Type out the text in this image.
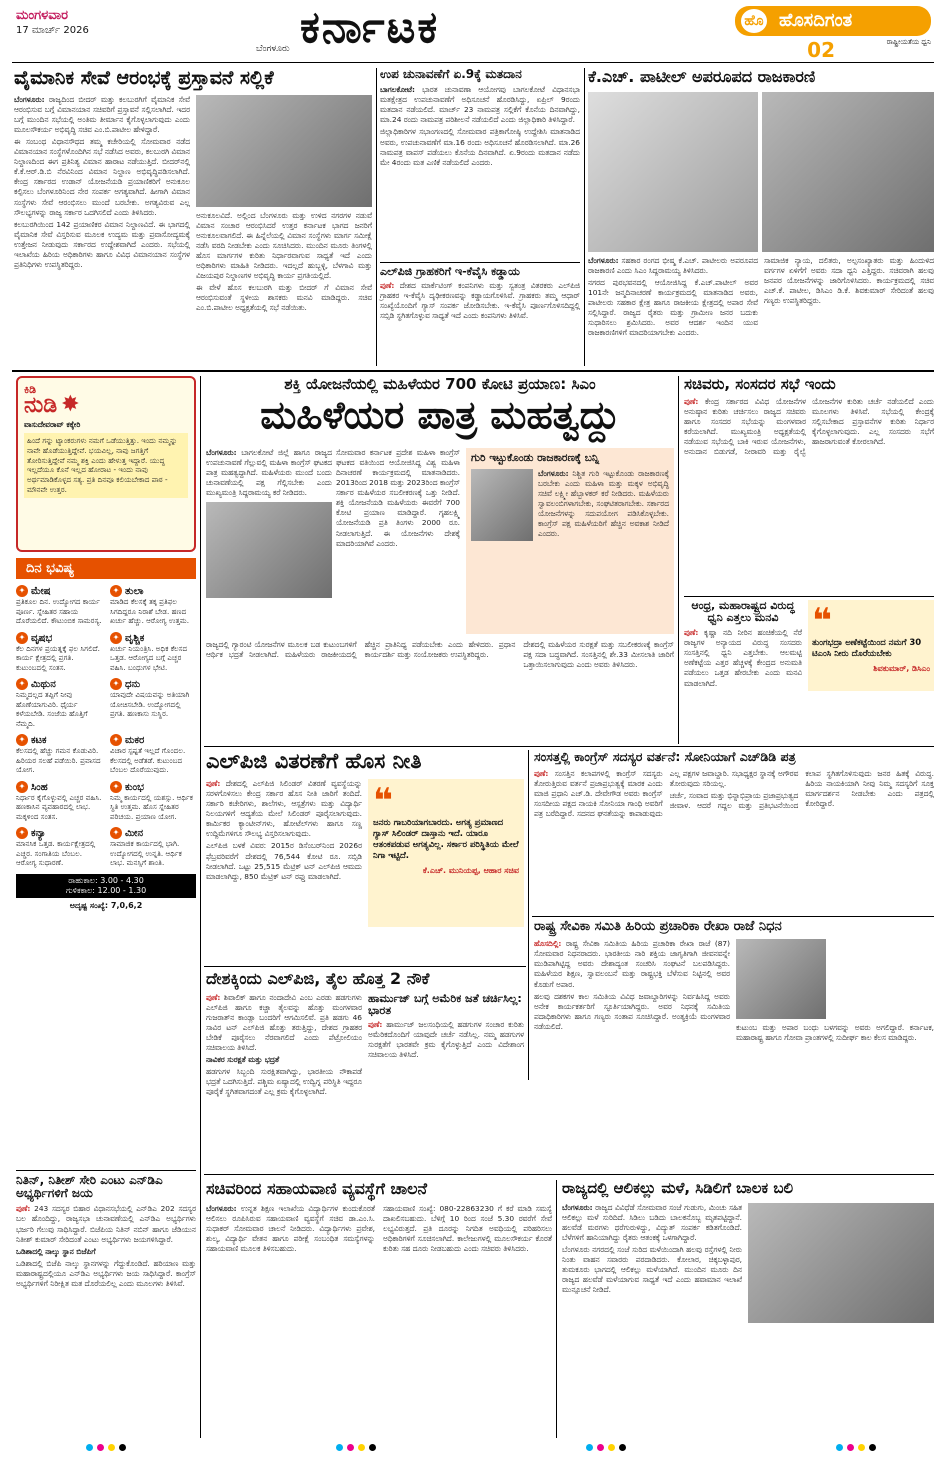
ಮಂಗಳವಾರ
17 ಮಾರ್ಚ್ 2026
ಬೆಂಗಳೂರು ಕರ್ನಾಟಕ	ಹೊ ಹೊಸದಿಗಂತ
02	ರಾಷ್ಟ್ರೀಯತೆಯ ಧ್ವನಿ
ವೈಮಾನಿಕ ಸೇವೆ ಆರಂಭಕ್ಕೆ ಪ್ರಸ್ತಾವನೆ ಸಲ್ಲಿಕೆ

ಬೆಂಗಳೂರು: ರಾಜ್ಯದಿಂದ ಬೀದರ್ ಮತ್ತು ಕಲಬುರಗಿಗೆ ವೈಮಾನಿಕ ಸೇವೆ ಆರಂಭಿಸುವ ಬಗ್ಗೆ ವಿಮಾನಯಾನ ಸಚಿವರಿಗೆ ಪ್ರಸ್ತಾವನೆ ಸಲ್ಲಿಸಲಾಗಿದೆ. ಇದರ ಬಗ್ಗೆ ಮುಂದಿನ ಸಭೆಯಲ್ಲಿ ಅಂತಿಮ ತೀರ್ಮಾನ ಕೈಗೊಳ್ಳಲಾಗುವುದು ಎಂದು ಮೂಲಸೌಕರ್ಯ ಅಭಿವೃದ್ಧಿ ಸಚಿವ ಎಂ.ಬಿ.ಪಾಟೀಲ ಹೇಳಿದ್ದಾರೆ.

ಈ ಸಂಬಂಧ ವಿಧಾನಸೌಧದ ತಮ್ಮ ಕಚೇರಿಯಲ್ಲಿ ಸೋಮವಾರ ನಡೆದ ವಿಮಾನಯಾನ ಸಂಸ್ಥೆಗಳೊಂದಿಗಿನ ಸಭೆ ನಡೆಸಿದ ಅವರು, ಕಲಬುರಗಿ ವಿಮಾನ ನಿಲ್ದಾಣದಿಂದ ಈಗ ಪ್ರತಿನಿತ್ಯ ವಿಮಾನ ಹಾರಾಟ ನಡೆಯುತ್ತಿದೆ. ಬೀದರ್‌ನಲ್ಲಿ ಕೆ.ಕೆ.ಆರ್.ಡಿ.ಬಿ ನೆರವಿನಿಂದ ವಿಮಾನ ನಿಲ್ದಾಣ ಅಭಿವೃದ್ಧಿಪಡಿಸಲಾಗಿದೆ. ಕೇಂದ್ರ ಸರ್ಕಾರದ ಉಡಾನ್ ಯೋಜನೆಯಡಿ ಪ್ರಯಾಣಿಕರಿಗೆ ಅನುಕೂಲ ಕಲ್ಪಿಸಲು ಬೆಂಗಳೂರಿನಿಂದ ನೇರ ಸಂಪರ್ಕ ಅಗತ್ಯವಾಗಿದೆ. ಹೀಗಾಗಿ ವಿಮಾನ ಸಂಸ್ಥೆಗಳು ಸೇವೆ ಆರಂಭಿಸಲು ಮುಂದೆ ಬರಬೇಕು. ಅಗತ್ಯವಿರುವ ಎಲ್ಲ ಸೌಲಭ್ಯಗಳನ್ನು ರಾಜ್ಯ ಸರ್ಕಾರ ಒದಗಿಸಲಿದೆ ಎಂದು ತಿಳಿಸಿದರು.

ಕಲಬುರಗಿಯಿಂದ 142 ಪ್ರಯಾಣಿಕರ ವಿಮಾನ ನಿಲ್ದಾಣವಿದೆ. ಈ ಭಾಗದಲ್ಲಿ ವೈಮಾನಿಕ ಸೇವೆ ವಿಸ್ತರಿಸುವ ಮೂಲಕ ಉದ್ಯಮ ಮತ್ತು ಪ್ರವಾಸೋದ್ಯಮಕ್ಕೆ ಉತ್ತೇಜನ ನೀಡುವುದು ಸರ್ಕಾರದ ಉದ್ದೇಶವಾಗಿದೆ ಎಂದರು. ಸಭೆಯಲ್ಲಿ ಇಲಾಖೆಯ ಹಿರಿಯ ಅಧಿಕಾರಿಗಳು ಹಾಗೂ ವಿವಿಧ ವಿಮಾನಯಾನ ಸಂಸ್ಥೆಗಳ ಪ್ರತಿನಿಧಿಗಳು ಉಪಸ್ಥಿತರಿದ್ದರು.

ಅನುಕೂಲವಿದೆ. ಅಲ್ಲಿಂದ ಬೆಂಗಳೂರು ಮತ್ತು ಉಳಿದ ನಗರಗಳ ನಡುವೆ ವಿಮಾನ ಸಂಚಾರ ಆರಂಭಿಸಿದರೆ ಉತ್ತರ ಕರ್ನಾಟಕ ಭಾಗದ ಜನರಿಗೆ ಅನುಕೂಲವಾಗಲಿದೆ. ಈ ಹಿನ್ನೆಲೆಯಲ್ಲಿ ವಿಮಾನ ಸಂಸ್ಥೆಗಳು ಮಾರ್ಗ ಸಮೀಕ್ಷೆ ನಡೆಸಿ ವರದಿ ನೀಡಬೇಕು ಎಂದು ಸೂಚಿಸಿದರು. ಮುಂದಿನ ಮೂರು ತಿಂಗಳಲ್ಲಿ ಹೊಸ ಮಾರ್ಗಗಳ ಕುರಿತು ನಿರ್ಧಾರವಾಗುವ ಸಾಧ್ಯತೆ ಇದೆ ಎಂದು ಅಧಿಕಾರಿಗಳು ಮಾಹಿತಿ ನೀಡಿದರು. ಇದಲ್ಲದೆ ಹುಬ್ಬಳ್ಳಿ, ಬೆಳಗಾವಿ ಮತ್ತು ವಿಜಯಪುರ ನಿಲ್ದಾಣಗಳ ಅಭಿವೃದ್ಧಿ ಕಾರ್ಯ ಪ್ರಗತಿಯಲ್ಲಿದೆ.

ಈ ವೇಳೆ ಹೊಸ ಕಲಬುರಗಿ ಮತ್ತು ಬೀದರ್ ಗೆ ವಿಮಾನ ಸೇವೆ ಆರಂಭಿಸುವಂತೆ ಸ್ಥಳೀಯ ಶಾಸಕರು ಮನವಿ ಮಾಡಿದ್ದರು. ಸಚಿವ ಎಂ.ಬಿ.ಪಾಟೀಲ ಅಧ್ಯಕ್ಷತೆಯಲ್ಲಿ ಸಭೆ ನಡೆಯಿತು.

ಉಪ ಚುನಾವಣೆಗೆ ಏ.9ಕ್ಕೆ ಮತದಾನ

ಬಾಗಲಕೋಟೆ: ಭಾರತ ಚುನಾವಣಾ ಆಯೋಗವು ಬಾಗಲಕೋಟೆ ವಿಧಾನಸಭಾ ಮತಕ್ಷೇತ್ರದ ಉಪಚುನಾವಣೆಗೆ ಅಧಿಸೂಚನೆ ಹೊರಡಿಸಿದ್ದು, ಏಪ್ರಿಲ್ 9ರಂದು ಮತದಾನ ನಡೆಯಲಿದೆ. ಮಾರ್ಚ್ 23 ನಾಮಪತ್ರ ಸಲ್ಲಿಕೆಗೆ ಕೊನೆಯ ದಿನವಾಗಿದ್ದು, ಮಾ.24 ರಂದು ನಾಮಪತ್ರ ಪರಿಶೀಲನೆ ನಡೆಯಲಿದೆ ಎಂದು ಜಿಲ್ಲಾಧಿಕಾರಿ ತಿಳಿಸಿದ್ದಾರೆ.

ಜಿಲ್ಲಾಧಿಕಾರಿಗಳ ಸಭಾಂಗಣದಲ್ಲಿ ಸೋಮವಾರ ಪತ್ರಿಕಾಗೋಷ್ಠಿ ಉದ್ದೇಶಿಸಿ ಮಾತನಾಡಿದ ಅವರು, ಉಪಚುನಾವಣೆಗೆ ಮಾ.16 ರಂದು ಅಧಿಸೂಚನೆ ಹೊರಡಿಸಲಾಗಿದೆ. ಮಾ.26 ನಾಮಪತ್ರ ವಾಪಸ್ ಪಡೆಯಲು ಕೊನೆಯ ದಿನವಾಗಿದೆ. ಏ.9ರಂದು ಮತದಾನ ನಡೆದು ಮೇ 4ರಂದು ಮತ ಎಣಿಕೆ ನಡೆಯಲಿದೆ ಎಂದರು.

ಎಲ್‌ಪಿಜಿ ಗ್ರಾಹಕರಿಗೆ ಇ-ಕೆವೈಸಿ ಕಡ್ಡಾಯ

ಪುಣೆ: ದೇಶದ ಮಾರ್ಕೆಟಿಂಗ್ ಕಂಪನಿಗಳು ಮತ್ತು ಸ್ವತಂತ್ರ ವಿತರಕರು ಎಲ್‌ಪಿಜಿ ಗ್ರಾಹಕರ ಇ-ಕೆವೈಸಿ ದೃಢೀಕರಣವನ್ನು ಕಡ್ಡಾಯಗೊಳಿಸಿವೆ. ಗ್ರಾಹಕರು ತಮ್ಮ ಆಧಾರ್ ಸಂಖ್ಯೆಯೊಂದಿಗೆ ಗ್ಯಾಸ್ ಸಂಪರ್ಕ ಜೋಡಿಸಬೇಕು. ಇ-ಕೆವೈಸಿ ಪೂರ್ಣಗೊಳಿಸದಿದ್ದಲ್ಲಿ ಸಬ್ಸಿಡಿ ಸ್ಥಗಿತಗೊಳ್ಳುವ ಸಾಧ್ಯತೆ ಇದೆ ಎಂದು ಕಂಪನಿಗಳು ತಿಳಿಸಿವೆ.

ಕೆ.ಎಚ್. ಪಾಟೀಲ್ ಅಪರೂಪದ ರಾಜಕಾರಣಿ

ಬೆಂಗಳೂರು: ಸಹಕಾರ ರಂಗದ ಭೀಷ್ಮ ಕೆ.ಎಚ್. ಪಾಟೀಲರು ಅಪರೂಪದ ರಾಜಕಾರಣಿ ಎಂದು ಸಿಎಂ ಸಿದ್ದರಾಮಯ್ಯ ತಿಳಿಸಿದರು.

ನಗರದ ಪುರಭವನದಲ್ಲಿ ಆಯೋಜಿಸಿದ್ದ ಕೆ.ಎಚ್.ಪಾಟೀಲ್ ಅವರ 101ನೇ ಜನ್ಮದಿನಾಚರಣೆ ಕಾರ್ಯಕ್ರಮದಲ್ಲಿ ಮಾತನಾಡಿದ ಅವರು, ಪಾಟೀಲರು ಸಹಕಾರ ಕ್ಷೇತ್ರ ಹಾಗೂ ರಾಜಕೀಯ ಕ್ಷೇತ್ರದಲ್ಲಿ ಅಪಾರ ಸೇವೆ ಸಲ್ಲಿಸಿದ್ದಾರೆ. ರಾಜ್ಯದ ರೈತರು ಮತ್ತು ಗ್ರಾಮೀಣ ಜನರ ಬದುಕು ಸುಧಾರಿಸಲು ಶ್ರಮಿಸಿದರು. ಅವರ ಆದರ್ಶ ಇಂದಿನ ಯುವ ರಾಜಕಾರಣಿಗಳಿಗೆ ಮಾದರಿಯಾಗಬೇಕು ಎಂದರು.

ಸಾಮಾಜಿಕ ನ್ಯಾಯ, ದಲಿತರು, ಅಲ್ಪಸಂಖ್ಯಾತರು ಮತ್ತು ಹಿಂದುಳಿದ ವರ್ಗಗಳ ಏಳಿಗೆಗೆ ಅವರು ಸದಾ ಧ್ವನಿ ಎತ್ತಿದ್ದರು. ಸಚಿವರಾಗಿ ಹಲವು ಜನಪರ ಯೋಜನೆಗಳನ್ನು ಜಾರಿಗೊಳಿಸಿದರು. ಕಾರ್ಯಕ್ರಮದಲ್ಲಿ ಸಚಿವ ಎಚ್.ಕೆ. ಪಾಟೀಲ, ಡಿಸಿಎಂ ಡಿ.ಕೆ. ಶಿವಕುಮಾರ್ ಸೇರಿದಂತೆ ಹಲವು ಗಣ್ಯರು ಉಪಸ್ಥಿತರಿದ್ದರು.

ಕಿಡಿ
ನುಡಿ ✸
ವಾಸುದೇವರಾವ್ ಕಕ್ಕೇರಿ
ಹಿಂದೆ ಗನ್ನು ಟ್ಯಾಂಕರುಗಳು ನಮಗೆ ಒಡೆಯುತ್ತಿತ್ತು. ಇಂದು ನಮ್ಮನ್ನು ನಾವೇ ಹೊಡೆಯುತ್ತಿದ್ದೇವೆ. ಭಯವಿಲ್ಲ, ನಾವು ಜಗತ್ತಿಗೆ ತೋರಿಸುತ್ತಿದ್ದೇವೆ ನಮ್ಮ ಶಕ್ತಿ ಎಂದು ಹೇಳುತ್ತ ಇದ್ದಾರೆ. ಯುದ್ಧ ಇಲ್ಲದೆಯೂ ಕೊನೆ ಇಲ್ಲದ ಹೋರಾಟ - ಇಂದು ನಾವು ಅರ್ಥಮಾಡಿಕೊಳ್ಳದ ಸತ್ಯ. ಪ್ರತಿ ದಿನವೂ ಕಲಿಯಬೇಕಾದ ಪಾಠ - ಮೌನವೇ ಉತ್ತರ.
ದಿನ ಭವಿಷ್ಯ
✦ ಮೇಷ
ಪ್ರತಿಕೂಲ ದಿನ. ಉದ್ಯೋಗದ ಕಾರ್ಯ ಪೂರ್ಣ. ಸ್ನೇಹಿತರ ಸಹಾಯ ದೊರೆಯಲಿದೆ. ಕೌಟುಂಬಿಕ ಸಾಮರಸ್ಯ.
✦ ತುಲಾ
ಮಾಡಿದ ಕೆಲಸಕ್ಕೆ ತಕ್ಕ ಪ್ರತಿಫಲ ಸಿಗದಿದ್ದರೂ ನಿರಾಶೆ ಬೇಡ. ಹಣದ ಖರ್ಚು ಹೆಚ್ಚು. ಆರೋಗ್ಯ ಉತ್ತಮ.
✦ ವೃಷಭ
ಕೆಲ ದಿನಗಳ ಪ್ರಯತ್ನಕ್ಕೆ ಫಲ ಸಿಗಲಿದೆ. ಕಾರ್ಯ ಕ್ಷೇತ್ರದಲ್ಲಿ ಪ್ರಗತಿ. ಕುಟುಂಬದಲ್ಲಿ ಸಂತಸ.
✦ ವೃಶ್ಚಿಕ
ಖರ್ಚು ನಿಯಂತ್ರಿಸಿ. ಅಧಿಕ ಕೆಲಸದ ಒತ್ತಡ. ಆರೋಗ್ಯದ ಬಗ್ಗೆ ಎಚ್ಚರ ವಹಿಸಿ. ಬಂಧುಗಳ ಭೇಟಿ.
✦ ಮಿಥುನ
ನಿಮ್ಮದಲ್ಲದ ತಪ್ಪಿಗೆ ನೀವು ಹೊಣೆಯಾಗುವಿರಿ. ಧೈರ್ಯ ಕಳೆಯಬೇಡಿ. ಸಂಜೆಯ ಹೊತ್ತಿಗೆ ನೆಮ್ಮದಿ.
✦ ಧನು
ಯಾವುದೇ ವಿಷಯವನ್ನು ಅತಿಯಾಗಿ ಯೋಚಿಸಬೇಡಿ. ಉದ್ಯೋಗದಲ್ಲಿ ಪ್ರಗತಿ. ಹಣಕಾಸು ಸುಸ್ಥಿರ.
✦ ಕಟಕ
ಕೆಲಸದಲ್ಲಿ ಹೆಚ್ಚು ಗಮನ ಕೊಡುವಿರಿ. ಹಿರಿಯರ ಸಲಹೆ ಪಡೆಯಿರಿ. ಪ್ರವಾಸದ ಯೋಗ.
✦ ಮಕರ
ವಿಚಾರ ಸ್ಪಷ್ಟತೆ ಇಲ್ಲದೆ ಗೊಂದಲ. ಕೆಲಸದಲ್ಲಿ ಅಡೆತಡೆ. ಕುಟುಂಬದ ಬೆಂಬಲ ದೊರೆಯುವುದು.
✦ ಸಿಂಹ
ನಿರ್ಧಾರ ಕೈಗೊಳ್ಳುವಲ್ಲಿ ಎಚ್ಚರ ವಹಿಸಿ. ಹಣಕಾಸಿನ ವ್ಯವಹಾರದಲ್ಲಿ ಲಾಭ. ಮಕ್ಕಳಿಂದ ಸಂತಸ.
✦ ಕುಂಭ
ನಿಮ್ಮ ಕಾರ್ಯದಲ್ಲಿ ಯಶಸ್ಸು. ಆರ್ಥಿಕ ಸ್ಥಿತಿ ಉತ್ತಮ. ಹೊಸ ಸ್ನೇಹಿತರ ಪರಿಚಯ. ಪ್ರಯಾಣ ಯೋಗ.
✦ ಕನ್ಯಾ
ಮಾನಸಿಕ ಒತ್ತಡ. ಕಾರ್ಯಕ್ಷೇತ್ರದಲ್ಲಿ ಎಚ್ಚರ. ಸಂಗಾತಿಯ ಬೆಂಬಲ. ಆರೋಗ್ಯ ಸುಧಾರಣೆ.
✦ ಮೀನ
ಸಾಮಾಜಿಕ ಕಾರ್ಯದಲ್ಲಿ ಭಾಗಿ. ಉದ್ಯೋಗದಲ್ಲಿ ಉನ್ನತಿ. ಆರ್ಥಿಕ ಲಾಭ. ಮನಸ್ಸಿಗೆ ಶಾಂತಿ.
ರಾಹುಕಾಲ: 3.00 - 4.30
ಗುಳಿಕಕಾಲ: 12.00 - 1.30
ಅದೃಷ್ಟ ಸಂಖ್ಯೆ: 7,0,6,2
ನಿತಿನ್, ನಿತೀಶ್ ಸೇರಿ ಎಂಟು ಎನ್‌ಡಿಎ ಅಭ್ಯರ್ಥಿಗಳಿಗೆ ಜಯ

ಪುಣೆ: 243 ಸದಸ್ಯರ ಬಿಹಾರ ವಿಧಾನಸಭೆಯಲ್ಲಿ ಎನ್‌ಡಿಎ 202 ಸದಸ್ಯರ ಬಲ ಹೊಂದಿದ್ದು, ರಾಜ್ಯಸಭಾ ಚುನಾವಣೆಯಲ್ಲಿ ಎನ್‌ಡಿಎ ಅಭ್ಯರ್ಥಿಗಳು ಭರ್ಜರಿ ಗೆಲುವು ಸಾಧಿಸಿದ್ದಾರೆ. ಬಿಜೆಪಿಯ ನಿತಿನ್ ನಬಿನ್ ಹಾಗೂ ಜೆಡಿಯುನ ನಿತೀಶ್ ಕುಮಾರ್ ಸೇರಿದಂತೆ ಎಂಟು ಅಭ್ಯರ್ಥಿಗಳು ಜಯಗಳಿಸಿದ್ದಾರೆ.

ಒಡಿಶಾದಲ್ಲಿ ನಾಲ್ಕು ಸ್ಥಾನ ಬಿಜೆಪಿಗೆ

ಒಡಿಶಾದಲ್ಲಿ ಬಿಜೆಪಿ ನಾಲ್ಕು ಸ್ಥಾನಗಳನ್ನು ಗೆದ್ದುಕೊಂಡಿದೆ. ಹರಿಯಾಣ ಮತ್ತು ಮಹಾರಾಷ್ಟ್ರದಲ್ಲಿಯೂ ಎನ್‌ಡಿಎ ಅಭ್ಯರ್ಥಿಗಳು ಜಯ ಸಾಧಿಸಿದ್ದಾರೆ. ಕಾಂಗ್ರೆಸ್ ಅಭ್ಯರ್ಥಿಗಳಿಗೆ ನಿರೀಕ್ಷಿತ ಮತ ದೊರೆಯಲಿಲ್ಲ ಎಂದು ಮೂಲಗಳು ತಿಳಿಸಿವೆ.

ಶಕ್ತಿ ಯೋಜನೆಯಲ್ಲಿ ಮಹಿಳೆಯರ 700 ಕೋಟಿ ಪ್ರಯಾಣ: ಸಿಎಂ
ಮಹಿಳೆಯರ ಪಾತ್ರ ಮಹತ್ವದ್ದು

ಬೆಂಗಳೂರು: ಬಾಗಲಕೋಟೆ ಜಿಲ್ಲೆ ಹಾಗೂ ರಾಜ್ಯದ ಉಪಚುನಾವಣೆ ಗೆಲ್ಲುವಲ್ಲಿ ಮಹಿಳಾ ಕಾಂಗ್ರೆಸ್ ಘಟಕದ ಪಾತ್ರ ಮಹತ್ವದ್ದಾಗಿದೆ. ಮಹಿಳೆಯರು ಮುಂದೆ ಬಂದು ಚುನಾವಣೆಯಲ್ಲಿ ಪಕ್ಷ ಗೆಲ್ಲಿಸಬೇಕು ಎಂದು ಮುಖ್ಯಮಂತ್ರಿ ಸಿದ್ದರಾಮಯ್ಯ ಕರೆ ನೀಡಿದರು.

ಸೋಮವಾರ ಕರ್ನಾಟಕ ಪ್ರದೇಶ ಮಹಿಳಾ ಕಾಂಗ್ರೆಸ್ ಘಟಕದ ವತಿಯಿಂದ ಆಯೋಜಿಸಿದ್ದ ವಿಶ್ವ ಮಹಿಳಾ ದಿನಾಚರಣೆ ಕಾರ್ಯಕ್ರಮದಲ್ಲಿ ಮಾತನಾಡಿದರು. 2013ರಿಂದ 2018 ಮತ್ತು 2023ರಿಂದ ಕಾಂಗ್ರೆಸ್ ಸರ್ಕಾರ ಮಹಿಳೆಯರ ಸಬಲೀಕರಣಕ್ಕೆ ಒತ್ತು ನೀಡಿದೆ. ಶಕ್ತಿ ಯೋಜನೆಯಡಿ ಮಹಿಳೆಯರು ಈವರೆಗೆ 700 ಕೋಟಿ ಪ್ರಯಾಣ ಮಾಡಿದ್ದಾರೆ. ಗೃಹಲಕ್ಷ್ಮಿ ಯೋಜನೆಯಡಿ ಪ್ರತಿ ತಿಂಗಳು 2000 ರೂ. ನೀಡಲಾಗುತ್ತಿದೆ. ಈ ಯೋಜನೆಗಳು ದೇಶಕ್ಕೆ ಮಾದರಿಯಾಗಿವೆ ಎಂದರು.

ಗುರಿ ಇಟ್ಟುಕೊಂಡು ರಾಜಕಾರಣಕ್ಕೆ ಬನ್ನಿ

ಬೆಂಗಳೂರು: ನಿಶ್ಚಿತ ಗುರಿ ಇಟ್ಟುಕೊಂಡು ರಾಜಕಾರಣಕ್ಕೆ ಬರಬೇಕು ಎಂದು ಮಹಿಳಾ ಮತ್ತು ಮಕ್ಕಳ ಅಭಿವೃದ್ಧಿ ಸಚಿವೆ ಲಕ್ಷ್ಮೀ ಹೆಬ್ಬಾಳಕರ್ ಕರೆ ನೀಡಿದರು. ಮಹಿಳೆಯರು ಸ್ವಾವಲಂಬಿಗಳಾಗಬೇಕು, ಸಂಘಟಿತರಾಗಬೇಕು. ಸರ್ಕಾರದ ಯೋಜನೆಗಳನ್ನು ಸದುಪಯೋಗ ಪಡಿಸಿಕೊಳ್ಳಬೇಕು. ಕಾಂಗ್ರೆಸ್ ಪಕ್ಷ ಮಹಿಳೆಯರಿಗೆ ಹೆಚ್ಚಿನ ಅವಕಾಶ ನೀಡಿದೆ ಎಂದರು.

ರಾಜ್ಯದಲ್ಲಿ ಗ್ಯಾರಂಟಿ ಯೋಜನೆಗಳ ಮೂಲಕ ಬಡ ಕುಟುಂಬಗಳಿಗೆ ಆರ್ಥಿಕ ಭದ್ರತೆ ನೀಡಲಾಗಿದೆ. ಮಹಿಳೆಯರು ರಾಜಕೀಯದಲ್ಲಿ ಹೆಚ್ಚಿನ ಪ್ರಾತಿನಿಧ್ಯ ಪಡೆಯಬೇಕು ಎಂದು ಹೇಳಿದರು. ಪ್ರಧಾನ ಕಾರ್ಯದರ್ಶಿ ಮತ್ತು ಸಂಯೋಜಕರು ಉಪಸ್ಥಿತರಿದ್ದರು.

ದೇಶದಲ್ಲಿ ಮಹಿಳೆಯರ ಸುರಕ್ಷತೆ ಮತ್ತು ಸಬಲೀಕರಣಕ್ಕೆ ಕಾಂಗ್ರೆಸ್ ಪಕ್ಷ ಸದಾ ಬದ್ಧವಾಗಿದೆ. ಸಂಸತ್ತಿನಲ್ಲಿ ಶೇ.33 ಮೀಸಲಾತಿ ಜಾರಿಗೆ ಒತ್ತಾಯಿಸಲಾಗುವುದು ಎಂದು ಅವರು ತಿಳಿಸಿದರು.

ಸಚಿವರು, ಸಂಸದರ ಸಭೆ ಇಂದು

ಪುಣೆ: ಕೇಂದ್ರ ಸರ್ಕಾರದ ವಿವಿಧ ಯೋಜನೆಗಳ ಅನುಷ್ಠಾನ ಕುರಿತು ಚರ್ಚಿಸಲು ರಾಜ್ಯದ ಸಚಿವರು ಹಾಗೂ ಸಂಸದರ ಸಭೆಯನ್ನು ಮಂಗಳವಾರ ಕರೆಯಲಾಗಿದೆ. ಮುಖ್ಯಮಂತ್ರಿ ಅಧ್ಯಕ್ಷತೆಯಲ್ಲಿ ನಡೆಯುವ ಸಭೆಯಲ್ಲಿ ಬಾಕಿ ಇರುವ ಯೋಜನೆಗಳು, ಅನುದಾನ ಬಿಡುಗಡೆ, ನೀರಾವರಿ ಮತ್ತು ರೈಲ್ವೆ ಯೋಜನೆಗಳ ಕುರಿತು ಚರ್ಚೆ ನಡೆಯಲಿದೆ ಎಂದು ಮೂಲಗಳು ತಿಳಿಸಿವೆ. ಸಭೆಯಲ್ಲಿ ಕೇಂದ್ರಕ್ಕೆ ಸಲ್ಲಿಸಬೇಕಾದ ಪ್ರಸ್ತಾವನೆಗಳ ಕುರಿತು ನಿರ್ಧಾರ ಕೈಗೊಳ್ಳಲಾಗುವುದು. ಎಲ್ಲ ಸಂಸದರು ಸಭೆಗೆ ಹಾಜರಾಗುವಂತೆ ಕೋರಲಾಗಿದೆ.

ಆಂಧ್ರ, ಮಹಾರಾಷ್ಟ್ರದ ವಿರುದ್ಧ ಧ್ವನಿ ಎತ್ತಲು ಮನವಿ

ಪುಣೆ: ಕೃಷ್ಣಾ ನದಿ ನೀರಿನ ಹಂಚಿಕೆಯಲ್ಲಿ ನೆರೆ ರಾಜ್ಯಗಳ ಅನ್ಯಾಯದ ವಿರುದ್ಧ ಸಂಸದರು ಸಂಸತ್ತಿನಲ್ಲಿ ಧ್ವನಿ ಎತ್ತಬೇಕು. ಆಲಮಟ್ಟಿ ಅಣೆಕಟ್ಟೆಯ ಎತ್ತರ ಹೆಚ್ಚಳಕ್ಕೆ ಕೇಂದ್ರದ ಅನುಮತಿ ಪಡೆಯಲು ಒತ್ತಡ ಹೇರಬೇಕು ಎಂದು ಮನವಿ ಮಾಡಲಾಗಿದೆ.

❝
ತುಂಗಭದ್ರಾ ಅಣೆಕಟ್ಟೆಯಿಂದ ನಮಗೆ 30 ಟಿಎಂಸಿ ನೀರು ದೊರೆಯಬೇಕು
ಶಿವಕುಮಾರ್, ಡಿಸಿಎಂ
ಎಲ್‌ಪಿಜಿ ವಿತರಣೆಗೆ ಹೊಸ ನೀತಿ

ಪುಣೆ: ದೇಶದಲ್ಲಿ ಎಲ್‌ಪಿಜಿ ಸಿಲಿಂಡರ್ ವಿತರಣೆ ವ್ಯವಸ್ಥೆಯನ್ನು ಸರಳಗೊಳಿಸಲು ಕೇಂದ್ರ ಸರ್ಕಾರ ಹೊಸ ನೀತಿ ಜಾರಿಗೆ ತಂದಿದೆ. ಸರ್ಕಾರಿ ಕಚೇರಿಗಳು, ಶಾಲೆಗಳು, ಆಸ್ಪತ್ರೆಗಳು ಮತ್ತು ವಿದ್ಯಾರ್ಥಿ ನಿಲಯಗಳಿಗೆ ಆದ್ಯತೆಯ ಮೇಲೆ ಸಿಲಿಂಡರ್ ಪೂರೈಸಲಾಗುವುದು. ಕಾರ್ಮಿಕರ ಕ್ಯಾಂಟೀನ್‌ಗಳು, ಹೋಟೆಲ್‌ಗಳು ಹಾಗೂ ಸಣ್ಣ ಉದ್ದಿಮೆಗಳಿಗೂ ಸೌಲಭ್ಯ ವಿಸ್ತರಿಸಲಾಗುವುದು.

ಎಲ್‌ಪಿಜಿ ಬಳಕೆ ವಿವರ: 2015ರ ಡಿಸೆಂಬರ್‌ನಿಂದ 2026ರ ಫೆಬ್ರವರಿವರೆಗೆ ದೇಶದಲ್ಲಿ 76,544 ಕೋಟಿ ರೂ. ಸಬ್ಸಿಡಿ ನೀಡಲಾಗಿದೆ. ಒಟ್ಟು 25,515 ಮೆಟ್ರಿಕ್ ಟನ್ ಎಲ್‌ಪಿಜಿ ಆಮದು ಮಾಡಲಾಗಿದ್ದು, 850 ಮೆಟ್ರಿಕ್ ಟನ್ ರಫ್ತು ಮಾಡಲಾಗಿದೆ.

❝
ಜನರು ಗಾಬರಿಯಾಗಬಾರದು. ಅಗತ್ಯ ಪ್ರಮಾಣದ ಗ್ಯಾಸ್ ಸಿಲಿಂಡರ್ ದಾಸ್ತಾನು ಇದೆ. ಯಾರೂ ಆತಂಕಪಡುವ ಅಗತ್ಯವಿಲ್ಲ. ಸರ್ಕಾರ ಪರಿಸ್ಥಿತಿಯ ಮೇಲೆ ನಿಗಾ ಇಟ್ಟಿದೆ.
ಕೆ.ಎಚ್. ಮುನಿಯಪ್ಪ, ಆಹಾರ ಸಚಿವ
ದೇಶಕ್ಕಿಂದು ಎಲ್‌ಪಿಜಿ, ತೈಲ ಹೊತ್ತ 2 ನೌಕೆ

ಪುಣೆ: ಶಿವಾಲಿಕ್ ಹಾಗೂ ನಂದಾದೇವಿ ಎಂಬ ಎರಡು ಹಡಗುಗಳು ಎಲ್‌ಪಿಜಿ ಹಾಗೂ ಕಚ್ಚಾ ತೈಲವನ್ನು ಹೊತ್ತು ಮಂಗಳವಾರ ಗುಜರಾತ್‌ನ ಕಾಂಡ್ಲಾ ಬಂದರಿಗೆ ಆಗಮಿಸಲಿವೆ. ಪ್ರತಿ ಹಡಗು 46 ಸಾವಿರ ಟನ್ ಎಲ್‌ಪಿಜಿ ಹೊತ್ತು ತರುತ್ತಿದ್ದು, ದೇಶದ ಗ್ರಾಹಕರ ಬೇಡಿಕೆ ಪೂರೈಸಲು ನೆರವಾಗಲಿದೆ ಎಂದು ಪೆಟ್ರೋಲಿಯಂ ಸಚಿವಾಲಯ ತಿಳಿಸಿದೆ.

ನಾವಿಕರ ಸುರಕ್ಷತೆ ಮತ್ತು ಭದ್ರತೆ

ಹಡಗುಗಳ ಸಿಬ್ಬಂದಿ ಸುರಕ್ಷಿತವಾಗಿದ್ದು, ಭಾರತೀಯ ನೌಕಾಪಡೆ ಭದ್ರತೆ ಒದಗಿಸುತ್ತಿದೆ. ಪಶ್ಚಿಮ ಏಷ್ಯಾದಲ್ಲಿ ಉದ್ವಿಗ್ನ ಪರಿಸ್ಥಿತಿ ಇದ್ದರೂ ಪೂರೈಕೆ ಸ್ಥಗಿತವಾಗದಂತೆ ಎಲ್ಲ ಕ್ರಮ ಕೈಗೊಳ್ಳಲಾಗಿದೆ.

ಹಾರ್ಮುಜ್ ಬಗ್ಗೆ ಅಮೆರಿಕ ಜತೆ ಚರ್ಚಿಸಿಲ್ಲ: ಭಾರತ

ಪುಣೆ: ಹಾರ್ಮುಜ್ ಜಲಸಂಧಿಯಲ್ಲಿ ಹಡಗುಗಳ ಸಂಚಾರ ಕುರಿತು ಅಮೆರಿಕದೊಂದಿಗೆ ಯಾವುದೇ ಚರ್ಚೆ ನಡೆಸಿಲ್ಲ. ನಮ್ಮ ಹಡಗುಗಳ ಸುರಕ್ಷತೆಗೆ ಭಾರತವೇ ಕ್ರಮ ಕೈಗೊಳ್ಳುತ್ತಿದೆ ಎಂದು ವಿದೇಶಾಂಗ ಸಚಿವಾಲಯ ತಿಳಿಸಿದೆ.

ಸಂಸತ್ತಲ್ಲಿ ಕಾಂಗ್ರೆಸ್ ಸದಸ್ಯರ ವರ್ತನೆ: ಸೋನಿಯಾಗೆ ಎಚ್‌ಡಿಡಿ ಪತ್ರ

ಪುಣೆ: ಸಂಸತ್ತಿನ ಕಲಾಪಗಳಲ್ಲಿ ಕಾಂಗ್ರೆಸ್ ಸದಸ್ಯರು ತೋರುತ್ತಿರುವ ವರ್ತನೆ ಪ್ರಜಾಪ್ರಭುತ್ವಕ್ಕೆ ಮಾರಕ ಎಂದು ಮಾಜಿ ಪ್ರಧಾನಿ ಎಚ್.ಡಿ. ದೇವೇಗೌಡ ಅವರು ಕಾಂಗ್ರೆಸ್ ಸಂಸದೀಯ ಪಕ್ಷದ ನಾಯಕಿ ಸೋನಿಯಾ ಗಾಂಧಿ ಅವರಿಗೆ ಪತ್ರ ಬರೆದಿದ್ದಾರೆ. ಸದನದ ಘನತೆಯನ್ನು ಕಾಪಾಡುವುದು ಎಲ್ಲ ಪಕ್ಷಗಳ ಜವಾಬ್ದಾರಿ. ಸಭಾಧ್ಯಕ್ಷರ ಸ್ಥಾನಕ್ಕೆ ಅಗೌರವ ತೋರುವುದು ಸರಿಯಲ್ಲ.

ಚರ್ಚೆ, ಸಂವಾದ ಮತ್ತು ಭಿನ್ನಾಭಿಪ್ರಾಯ ಪ್ರಜಾಪ್ರಭುತ್ವದ ಜೀವಾಳ. ಆದರೆ ಗದ್ದಲ ಮತ್ತು ಪ್ರತಿಭಟನೆಯಿಂದ ಕಲಾಪ ಸ್ಥಗಿತಗೊಳಿಸುವುದು ಜನರ ಹಿತಕ್ಕೆ ವಿರುದ್ಧ. ಹಿರಿಯ ನಾಯಕಿಯಾಗಿ ನೀವು ನಿಮ್ಮ ಸದಸ್ಯರಿಗೆ ಸೂಕ್ತ ಮಾರ್ಗದರ್ಶನ ನೀಡಬೇಕು ಎಂದು ಪತ್ರದಲ್ಲಿ ಕೋರಿದ್ದಾರೆ.

ರಾಷ್ಟ್ರ ಸೇವಿಕಾ ಸಮಿತಿ ಹಿರಿಯ ಪ್ರಚಾರಿಕಾ ರೇಖಾ ರಾಜೆ ನಿಧನ

ಹೊಸದಿಲ್ಲಿ: ರಾಷ್ಟ್ರ ಸೇವಿಕಾ ಸಮಿತಿಯ ಹಿರಿಯ ಪ್ರಚಾರಿಕಾ ರೇಖಾ ರಾಜೆ (87) ಸೋಮವಾರ ನಿಧನರಾದರು. ಭಾರತೀಯ ನಾರಿ ಶಕ್ತಿಯ ಜಾಗೃತಿಗಾಗಿ ಜೀವನವನ್ನೇ ಮುಡಿಪಾಗಿಟ್ಟಿದ್ದ ಅವರು ದೇಶಾದ್ಯಂತ ಸಂಚರಿಸಿ ಸಂಘಟನೆ ಬಲಪಡಿಸಿದ್ದರು. ಮಹಿಳೆಯರ ಶಿಕ್ಷಣ, ಸ್ವಾವಲಂಬನೆ ಮತ್ತು ರಾಷ್ಟ್ರಭಕ್ತಿ ಬೆಳೆಸುವ ನಿಟ್ಟಿನಲ್ಲಿ ಅವರ ಕೊಡುಗೆ ಅಪಾರ.

ಹಲವು ದಶಕಗಳ ಕಾಲ ಸಮಿತಿಯ ವಿವಿಧ ಜವಾಬ್ದಾರಿಗಳನ್ನು ನಿರ್ವಹಿಸಿದ್ದ ಅವರು ಅನೇಕ ಕಾರ್ಯಕರ್ತರಿಗೆ ಸ್ಫೂರ್ತಿಯಾಗಿದ್ದರು. ಅವರ ನಿಧನಕ್ಕೆ ಸಮಿತಿಯ ಪದಾಧಿಕಾರಿಗಳು ಹಾಗೂ ಗಣ್ಯರು ಸಂತಾಪ ಸೂಚಿಸಿದ್ದಾರೆ. ಅಂತ್ಯಕ್ರಿಯೆ ಮಂಗಳವಾರ ನಡೆಯಲಿದೆ.	ಕುಟುಂಬ ಮತ್ತು ಅಪಾರ ಬಂಧು ಬಳಗವನ್ನು ಅವರು ಅಗಲಿದ್ದಾರೆ. ಕರ್ನಾಟಕ, ಮಹಾರಾಷ್ಟ್ರ ಹಾಗೂ ಗೋವಾ ಪ್ರಾಂತಗಳಲ್ಲಿ ಸುದೀರ್ಘ ಕಾಲ ಕೆಲಸ ಮಾಡಿದ್ದರು.

ಸಚಿವರಿಂದ ಸಹಾಯವಾಣಿ ವ್ಯವಸ್ಥೆಗೆ ಚಾಲನೆ

ಬೆಂಗಳೂರು: ಉನ್ನತ ಶಿಕ್ಷಣ ಇಲಾಖೆಯ ವಿದ್ಯಾರ್ಥಿಗಳ ಕುಂದುಕೊರತೆ ಆಲಿಸಲು ರೂಪಿಸಿರುವ ಸಹಾಯವಾಣಿ ವ್ಯವಸ್ಥೆಗೆ ಸಚಿವ ಡಾ.ಎಂ.ಸಿ. ಸುಧಾಕರ್ ಸೋಮವಾರ ಚಾಲನೆ ನೀಡಿದರು. ವಿದ್ಯಾರ್ಥಿಗಳು ಪ್ರವೇಶ, ಶುಲ್ಕ, ವಿದ್ಯಾರ್ಥಿ ವೇತನ ಹಾಗೂ ಪರೀಕ್ಷೆ ಸಂಬಂಧಿತ ಸಮಸ್ಯೆಗಳನ್ನು ಸಹಾಯವಾಣಿ ಮೂಲಕ ತಿಳಿಸಬಹುದು.

ಸಹಾಯವಾಣಿ ಸಂಖ್ಯೆ: 080-22863230 ಗೆ ಕರೆ ಮಾಡಿ ಸಮಸ್ಯೆ ದಾಖಲಿಸಬಹುದು. ಬೆಳಿಗ್ಗೆ 10 ರಿಂದ ಸಂಜೆ 5.30 ರವರೆಗೆ ಸೇವೆ ಲಭ್ಯವಿರುತ್ತದೆ. ಪ್ರತಿ ದೂರನ್ನು ನಿಗದಿತ ಅವಧಿಯಲ್ಲಿ ಪರಿಹರಿಸಲು ಅಧಿಕಾರಿಗಳಿಗೆ ಸೂಚಿಸಲಾಗಿದೆ. ಕಾಲೇಜುಗಳಲ್ಲಿ ಮೂಲಸೌಕರ್ಯ ಕೊರತೆ ಕುರಿತು ಸಹ ದೂರು ನೀಡಬಹುದು ಎಂದು ಸಚಿವರು ತಿಳಿಸಿದರು.

ರಾಜ್ಯದಲ್ಲಿ ಆಲಿಕಲ್ಲು ಮಳೆ, ಸಿಡಿಲಿಗೆ ಬಾಲಕ ಬಲಿ

ಬೆಂಗಳೂರು: ರಾಜ್ಯದ ವಿವಿಧೆಡೆ ಸೋಮವಾರ ಸಂಜೆ ಗುಡುಗು, ಮಿಂಚು ಸಹಿತ ಆಲಿಕಲ್ಲು ಮಳೆ ಸುರಿದಿದೆ. ಸಿಡಿಲು ಬಡಿದು ಬಾಲಕನೊಬ್ಬ ಮೃತಪಟ್ಟಿದ್ದಾನೆ. ಹಲವೆಡೆ ಮರಗಳು ಧರೆಗುರುಳಿದ್ದು, ವಿದ್ಯುತ್ ಸಂಪರ್ಕ ಕಡಿತಗೊಂಡಿದೆ. ಬೆಳೆಗಳಿಗೆ ಹಾನಿಯಾಗಿದ್ದು ರೈತರು ಆತಂಕಕ್ಕೆ ಒಳಗಾಗಿದ್ದಾರೆ.

ಬೆಂಗಳೂರು ನಗರದಲ್ಲಿ ಸಂಜೆ ಸುರಿದ ಮಳೆಯಿಂದಾಗಿ ಹಲವು ರಸ್ತೆಗಳಲ್ಲಿ ನೀರು ನಿಂತು ವಾಹನ ಸವಾರರು ಪರದಾಡಿದರು. ಕೋಲಾರ, ಚಿಕ್ಕಬಳ್ಳಾಪುರ, ತುಮಕೂರು ಭಾಗದಲ್ಲಿ ಆಲಿಕಲ್ಲು ಮಳೆಯಾಗಿದೆ. ಮುಂದಿನ ಮೂರು ದಿನ ರಾಜ್ಯದ ಹಲವೆಡೆ ಮಳೆಯಾಗುವ ಸಾಧ್ಯತೆ ಇದೆ ಎಂದು ಹವಾಮಾನ ಇಲಾಖೆ ಮುನ್ಸೂಚನೆ ನೀಡಿದೆ.
